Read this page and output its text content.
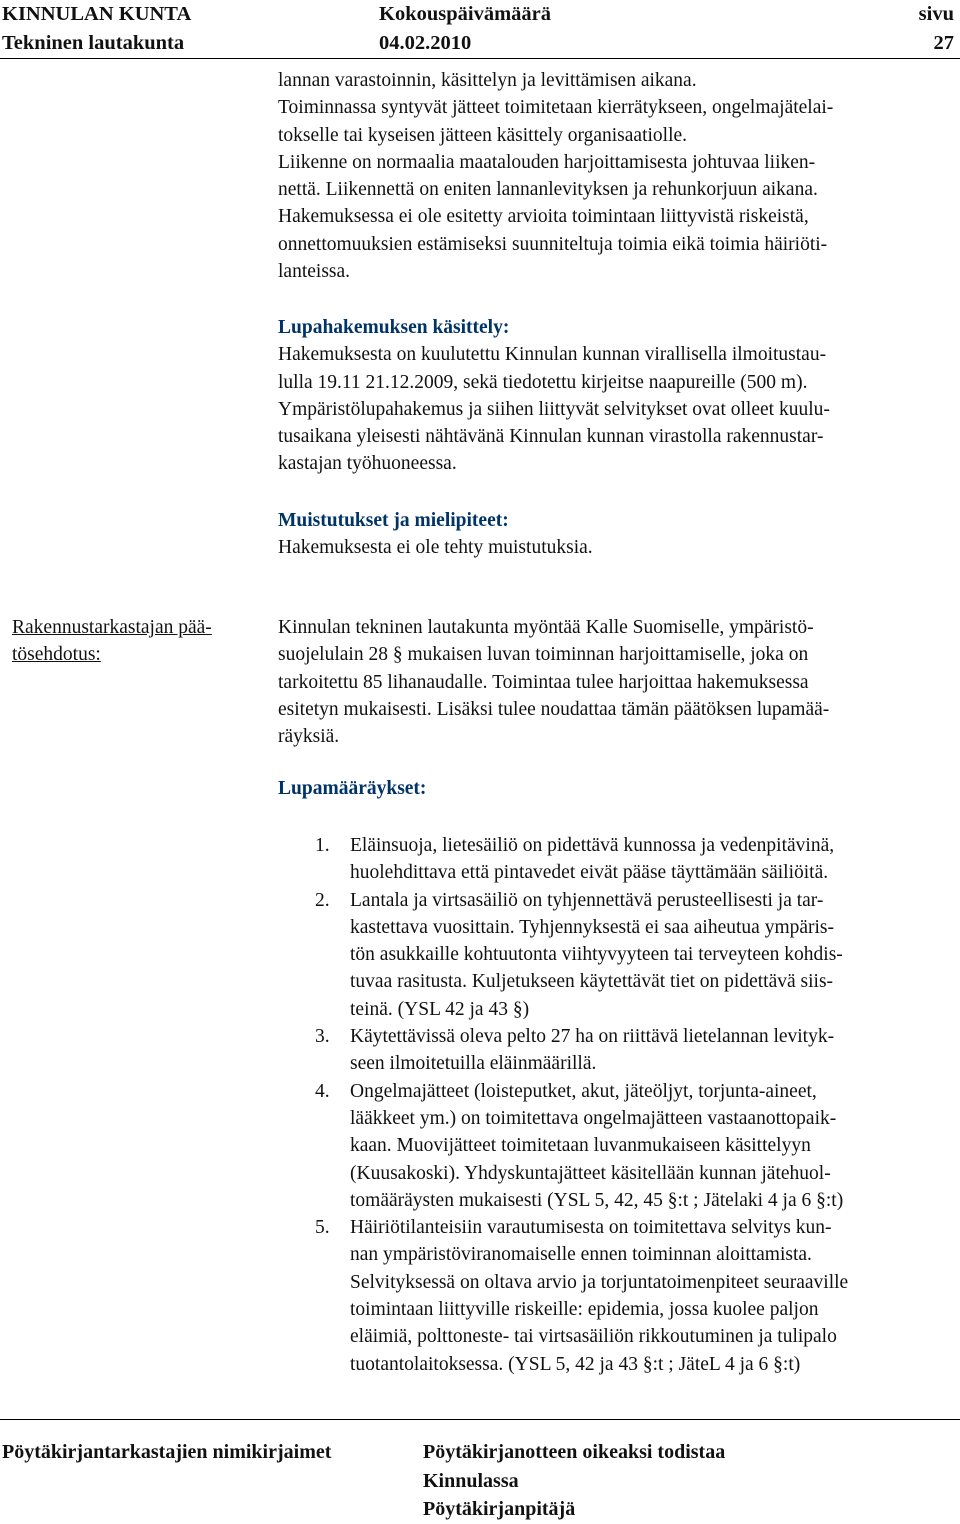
KINNULAN KUNTA
Tekninen lautakunta
Kokouspäivämäärä
04.02.2010
sivu
27

lannan varastoinnin, käsittelyn ja levittämisen aikana.

Toiminnassa syntyvät jätteet toimitetaan kierrätykseen, ongelmajätelai-

tokselle tai kyseisen jätteen käsittely organisaatiolle.

Liikenne on normaalia maatalouden harjoittamisesta johtuvaa liiken-

nettä. Liikennettä on eniten lannanlevityksen ja rehunkorjuun aikana.

Hakemuksessa ei ole esitetty arvioita toimintaan liittyvistä riskeistä,

onnettomuuksien estämiseksi suunniteltuja toimia eikä toimia häiriöti-

lanteissa.

Lupahakemuksen käsittely:

Hakemuksesta on kuulutettu Kinnulan kunnan virallisella ilmoitustau-

lulla 19.11 21.12.2009, sekä tiedotettu kirjeitse naapureille (500 m).

Ympäristölupahakemus ja siihen liittyvät selvitykset ovat olleet kuulu-

tusaikana yleisesti nähtävänä Kinnulan kunnan virastolla rakennustar-

kastajan työhuoneessa.

Muistutukset ja mielipiteet:

Hakemuksesta ei ole tehty muistutuksia.

Rakennustarkastajan pää-
tösehdotus:

Kinnulan tekninen lautakunta myöntää Kalle Suomiselle, ympäristö-

suojelulain 28 § mukaisen luvan toiminnan harjoittamiselle, joka on

tarkoitettu 85 lihanaudalle. Toimintaa tulee harjoittaa hakemuksessa

esitetyn mukaisesti. Lisäksi tulee noudattaa tämän päätöksen lupamää-

räyksiä.

Lupamääräykset:

1. Eläinsuoja, lietesäiliö on pidettävä kunnossa ja vedenpitävinä,
huolehdittava että pintavedet eivät pääse täyttämään säiliöitä.
2. Lantala ja virtsasäiliö on tyhjennettävä perusteellisesti ja tar-
kastettava vuosittain. Tyhjennyksestä ei saa aiheutua ympäris-
tön asukkaille kohtuutonta viihtyvyyteen tai terveyteen kohdis-
tuvaa rasitusta. Kuljetukseen käytettävät tiet on pidettävä siis-
teinä. (YSL 42 ja 43 §)
3. Käytettävissä oleva pelto 27 ha on riittävä lietelannan levityk-
seen ilmoitetuilla eläinmäärillä.
4. Ongelmajätteet (loisteputket, akut, jäteöljyt, torjunta-aineet,
lääkkeet ym.) on toimitettava ongelmajätteen vastaanottopaik-
kaan. Muovijätteet toimitetaan luvanmukaiseen käsittelyyn
(Kuusakoski). Yhdyskuntajätteet käsitellään kunnan jätehuol-
tomääräysten mukaisesti (YSL 5, 42, 45 §:t ; Jätelaki 4 ja 6 §:t)
5. Häiriötilanteisiin varautumisesta on toimitettava selvitys kun-
nan ympäristöviranomaiselle ennen toiminnan aloittamista.
Selvityksessä on oltava arvio ja torjuntatoimenpiteet seuraaville
toimintaan liittyville riskeille: epidemia, jossa kuolee paljon
eläimiä, polttoneste- tai virtsasäiliön rikkoutuminen ja tulipalo
tuotantolaitoksessa. (YSL 5, 42 ja 43 §:t ; JäteL 4 ja 6 §:t)
Pöytäkirjantarkastajien nimikirjaimet	Pöytäkirjanotteen oikeaksi todistaa
Kinnulassa
Pöytäkirjanpitäjä
